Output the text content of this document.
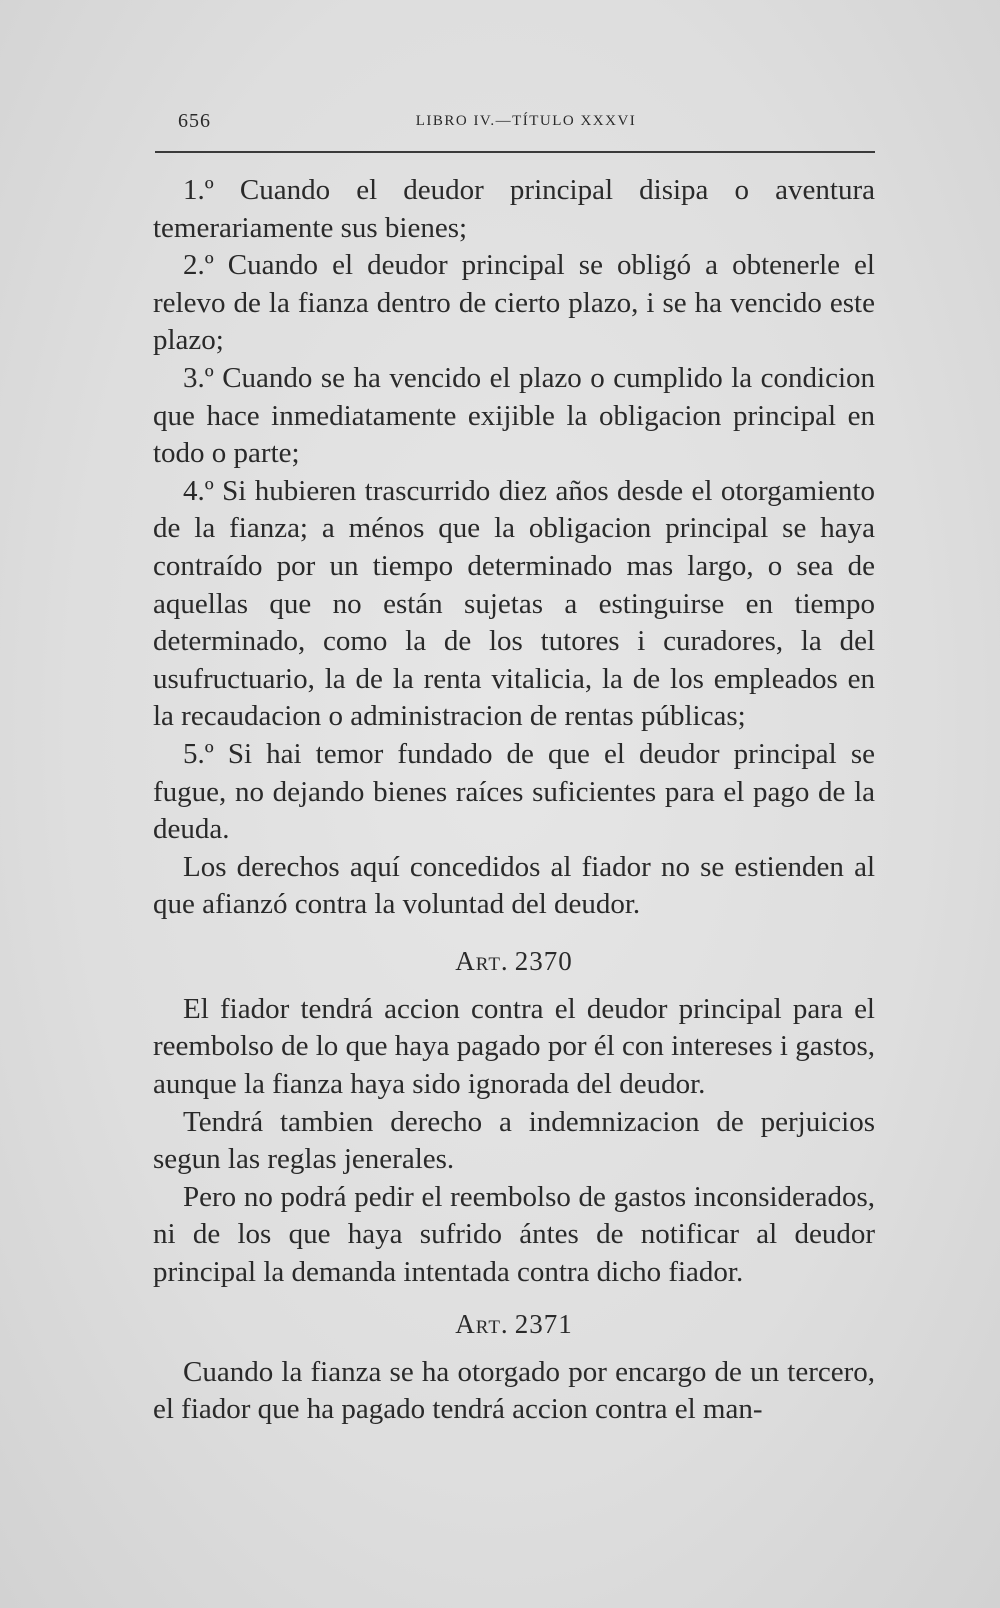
656	LIBRO IV.—TÍTULO XXXVI

1.º Cuando el deudor principal disipa o aventura temerariamente sus bienes;

2.º Cuando el deudor principal se obligó a obtenerle el relevo de la fianza dentro de cierto plazo, i se ha vencido este plazo;

3.º Cuando se ha vencido el plazo o cumplido la condicion que hace inmediatamente exijible la obligacion principal en todo o parte;

4.º Si hubieren trascurrido diez años desde el otorgamiento de la fianza; a ménos que la obligacion principal se haya contraído por un tiempo determinado mas largo, o sea de aquellas que no están sujetas a estinguirse en tiempo determinado, como la de los tutores i curadores, la del usufructuario, la de la renta vitalicia, la de los empleados en la recaudacion o administracion de rentas públicas;

5.º Si hai temor fundado de que el deudor principal se fugue, no dejando bienes raíces suficientes para el pago de la deuda.

Los derechos aquí concedidos al fiador no se estienden al que afianzó contra la voluntad del deudor.

Art. 2370

El fiador tendrá accion contra el deudor principal para el reembolso de lo que haya pagado por él con intereses i gastos, aunque la fianza haya sido ignorada del deudor.

Tendrá tambien derecho a indemnizacion de perjuicios segun las reglas jenerales.

Pero no podrá pedir el reembolso de gastos inconsiderados, ni de los que haya sufrido ántes de notificar al deudor principal la demanda intentada contra dicho fiador.

Art. 2371

Cuando la fianza se ha otorgado por encargo de un tercero, el fiador que ha pagado tendrá accion contra el man-
